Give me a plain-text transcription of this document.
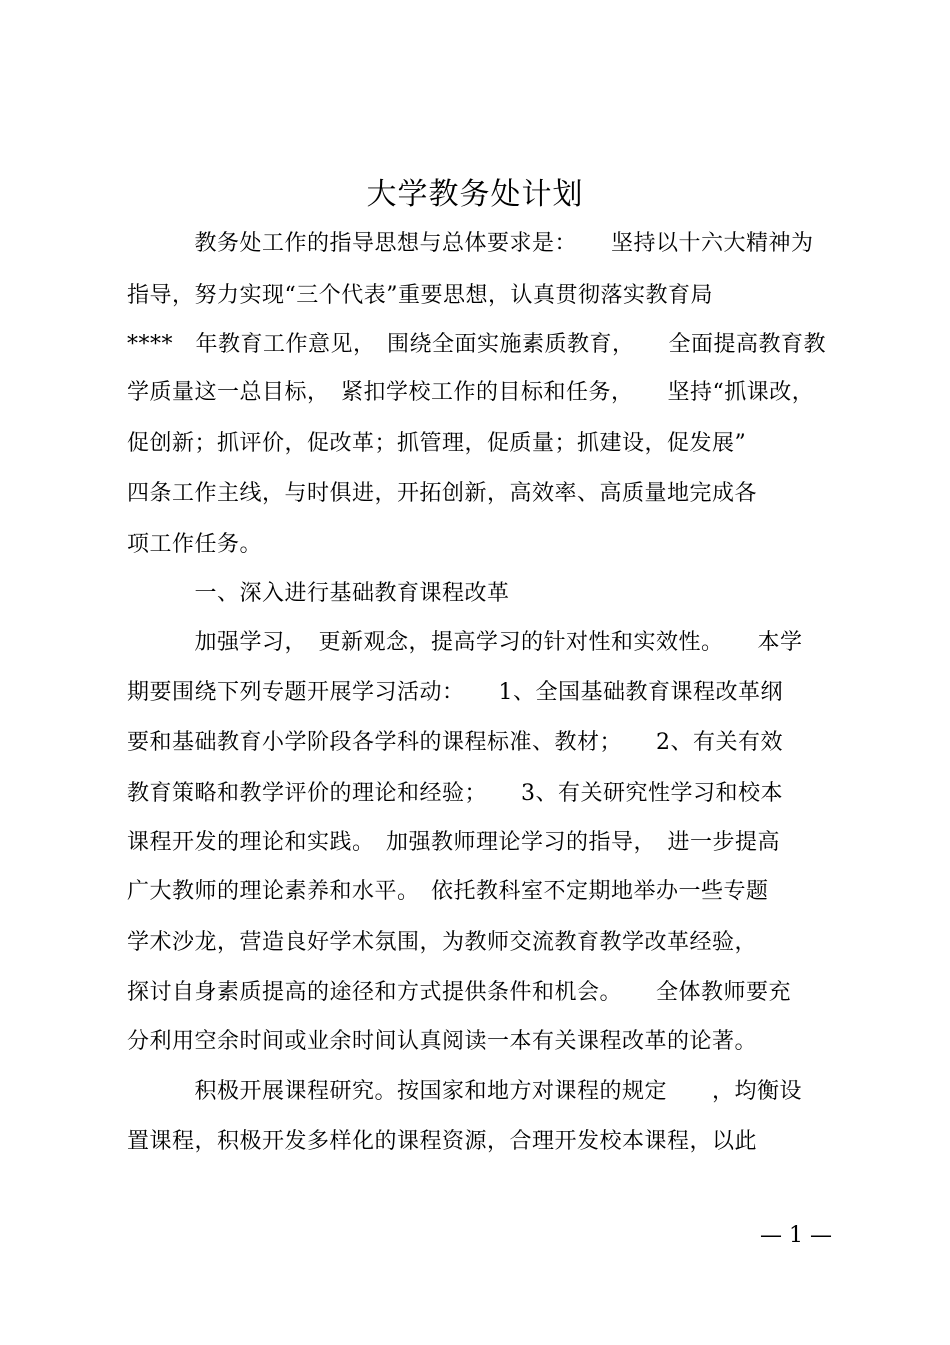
大学教务处计划
　　　教务处工作的指导思想与总体要求是：　　坚持以十六大精神为
指导，努力实现“三个代表”重要思想，认真贯彻落实教育局
****　年教育工作意见，　围绕全面实施素质教育，　　全面提高教育教
学质量这一总目标，　紧扣学校工作的目标和任务，　　坚持“抓课改，
促创新；抓评价，促改革；抓管理，促质量；抓建设，促发展”
四条工作主线，与时俱进，开拓创新，高效率、高质量地完成各
项工作任务。
　　　一、深入进行基础教育课程改革
　　　加强学习，　更新观念，提高学习的针对性和实效性。　　本学
期要围绕下列专题开展学习活动：　　1、全国基础教育课程改革纲
要和基础教育小学阶段各学科的课程标准、教材；　　2、有关有效
教育策略和教学评价的理论和经验；　　3、有关研究性学习和校本
课程开发的理论和实践。　加强教师理论学习的指导，　进一步提高
广大教师的理论素养和水平。　依托教科室不定期地举办一些专题
学术沙龙，营造良好学术氛围，为教师交流教育教学改革经验，
探讨自身素质提高的途径和方式提供条件和机会。　　全体教师要充
分利用空余时间或业余时间认真阅读一本有关课程改革的论著。
　　　积极开展课程研究。按国家和地方对课程的规定　　，均衡设
置课程，积极开发多样化的课程资源，合理开发校本课程，以此
— 1 —
